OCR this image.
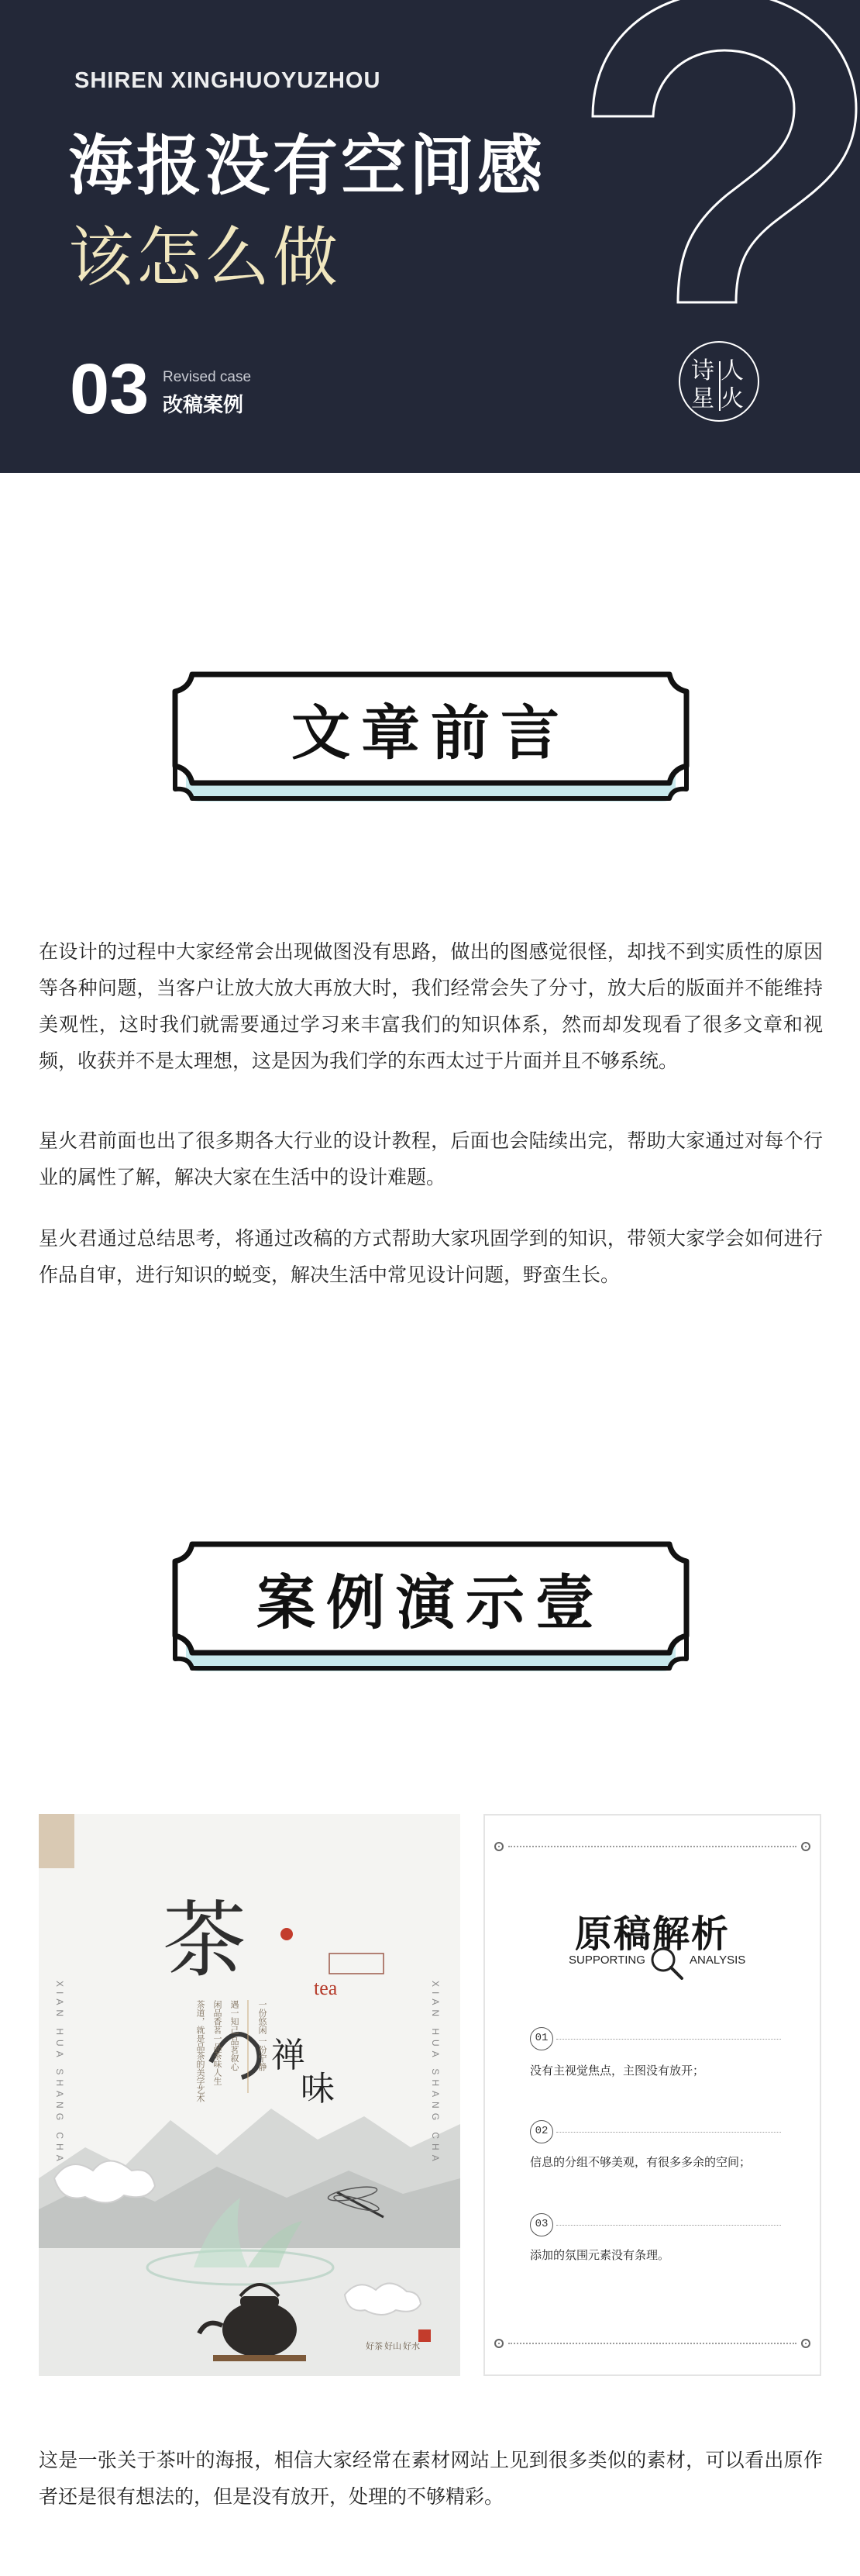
SHIREN XINGHUOYUZHOU
海报没有空间感
该怎么做
03 Revised case
改稿案例
诗 人
星 火
文章前言

在设计的过程中大家经常会出现做图没有思路，做出的图感觉很怪，却找不到实质性的原因等各种问题，当客户让放大放大再放大时，我们经常会失了分寸，放大后的版面并不能维持美观性，这时我们就需要通过学习来丰富我们的知识体系，然而却发现看了很多文章和视频，收获并不是太理想，这是因为我们学的东西太过于片面并且不够系统。

星火君前面也出了很多期各大行业的设计教程，后面也会陆续出完，帮助大家通过对每个行业的属性了解，解决大家在生活中的设计难题。

星火君通过总结思考，将通过改稿的方式帮助大家巩固学到的知识，带领大家学会如何进行作品自审，进行知识的蜕变，解决生活中常见设计问题，野蛮生长。

案例演示壹
茶	tea
禅
味
XIAN HUA SHANG CHA	XIAN HUA SHANG CHA
茶道，就是品茶的美学艺术 闲品香茗一品茶味人生 遇一知己 品茗叙心 一份悠闲 一份宁静
好茶 好山 好水
原稿解析
SUPPORTING	ANALYSIS
01
没有主视觉焦点，主图没有放开；
02
信息的分组不够美观，有很多多余的空间；
03
添加的氛围元素没有条理。

这是一张关于茶叶的海报，相信大家经常在素材网站上见到很多类似的素材，可以看出原作者还是很有想法的，但是没有放开，处理的不够精彩。
